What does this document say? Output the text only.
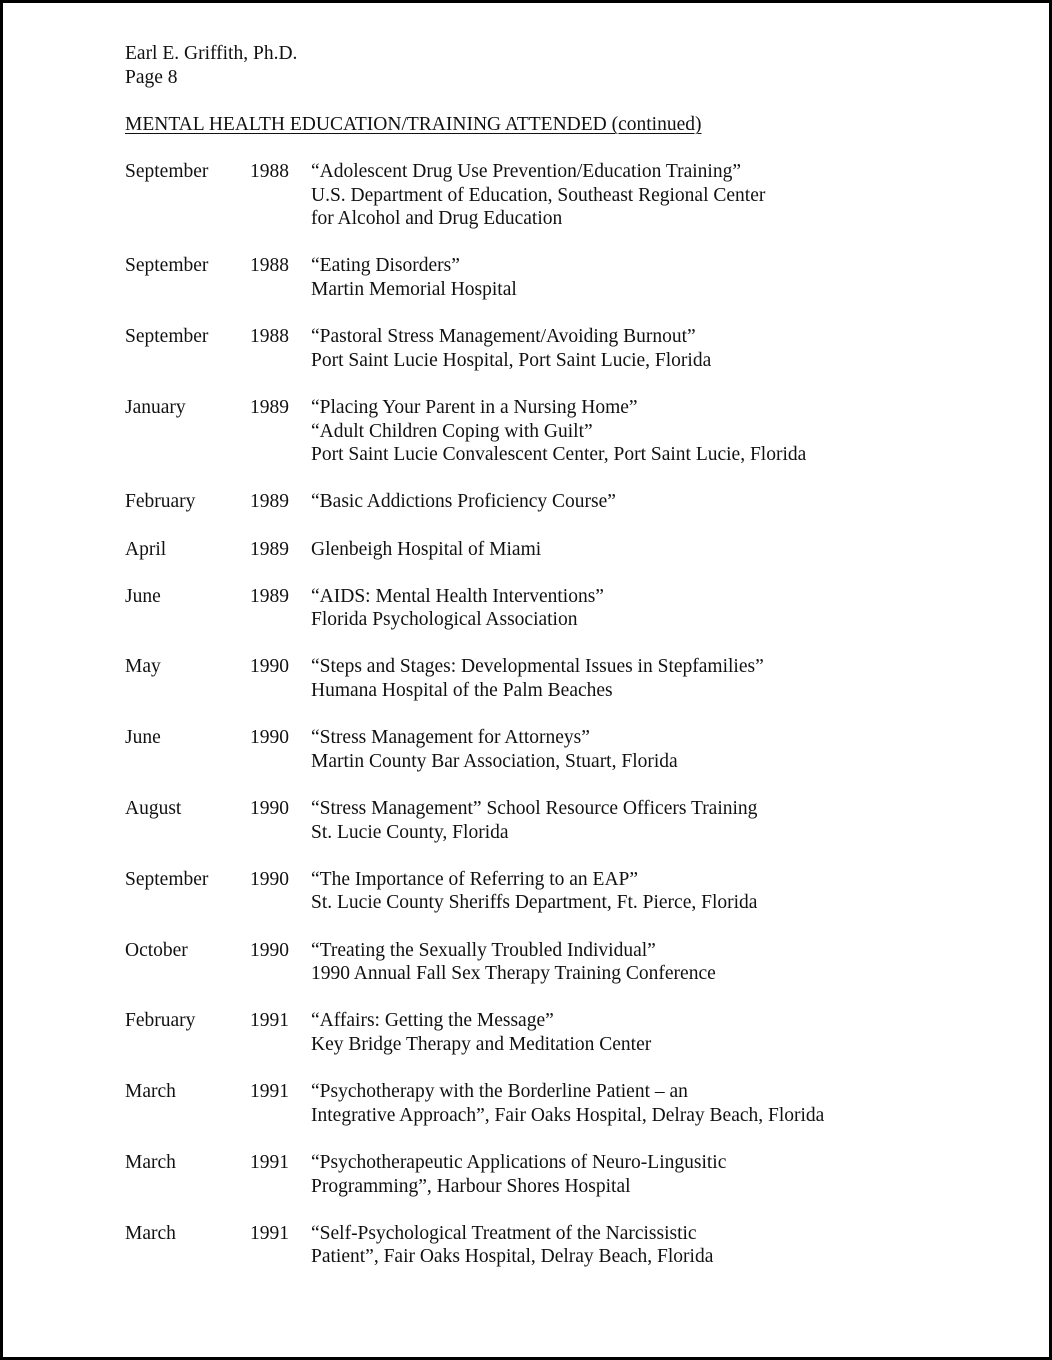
Earl E. Griffith, Ph.D.
Page 8
MENTAL HEALTH EDUCATION/TRAINING ATTENDED (continued)
September 1988 “Adolescent Drug Use Prevention/Education Training”
U.S. Department of Education, Southeast Regional Center
for Alcohol and Drug Education
September 1988 “Eating Disorders”
Martin Memorial Hospital
September 1988 “Pastoral Stress Management/Avoiding Burnout”
Port Saint Lucie Hospital, Port Saint Lucie, Florida
January	1989 “Placing Your Parent in a Nursing Home”
“Adult Children Coping with Guilt”
Port Saint Lucie Convalescent Center, Port Saint Lucie, Florida
February	1989 “Basic Addictions Proficiency Course”
April	1989 Glenbeigh Hospital of Miami
June	1989 “AIDS: Mental Health Interventions”
Florida Psychological Association
May	1990 “Steps and Stages: Developmental Issues in Stepfamilies”
Humana Hospital of the Palm Beaches
June	1990 “Stress Management for Attorneys”
Martin County Bar Association, Stuart, Florida
August	1990 “Stress Management” School Resource Officers Training
St. Lucie County, Florida
September 1990 “The Importance of Referring to an EAP”
St. Lucie County Sheriffs Department, Ft. Pierce, Florida
October	1990 “Treating the Sexually Troubled Individual”
1990 Annual Fall Sex Therapy Training Conference
February	1991 “Affairs: Getting the Message”
Key Bridge Therapy and Meditation Center
March	1991 “Psychotherapy with the Borderline Patient – an
Integrative Approach”, Fair Oaks Hospital, Delray Beach, Florida
March	1991 “Psychotherapeutic Applications of Neuro-Lingusitic
Programming”, Harbour Shores Hospital
March	1991 “Self-Psychological Treatment of the Narcissistic
Patient”, Fair Oaks Hospital, Delray Beach, Florida
